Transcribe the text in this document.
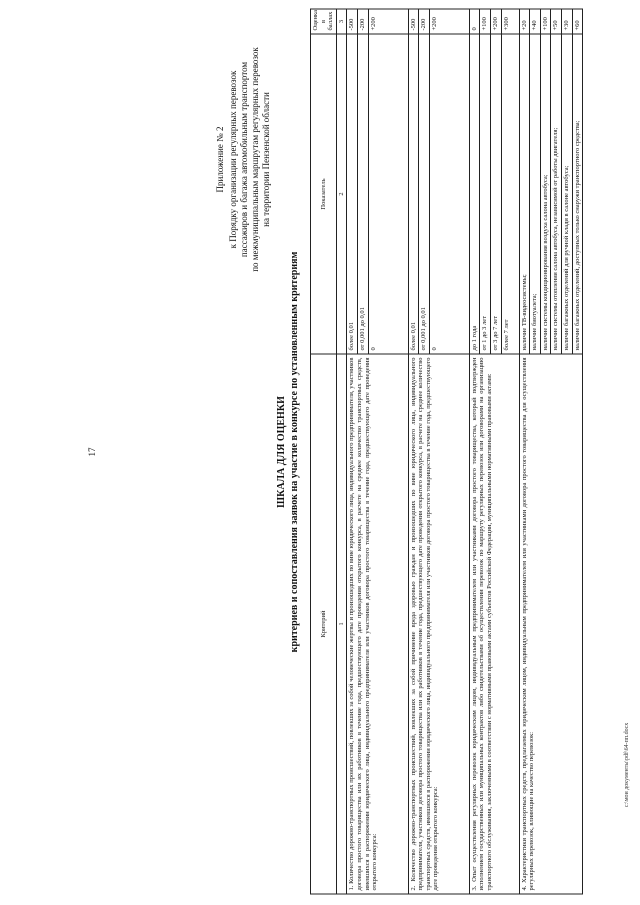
17
c:\мои документы\pdf\64-пп.docx
Приложение № 2 к Порядку организации регулярных перевозок пассажиров и багажа автомобильным транспортом по межмуниципальным маршрутам регулярных перевозок на территории Пензенской области
ШКАЛА ДЛЯ ОЦЕНКИ критериев и сопоставления заявок на участие в конкурсе по установленным критериям	Критерий	Показатель	Оценка в баллах
1	2	3
1. Количество дорожно-транспортных происшествий, повлекших за собой человеческие жертвы и произошедших по вине юридического лица, индивидуального предпринимателя, участников договора простого товарищества или их работников в течение года, предшествующего дате проведения открытого конкурса, в расчете на среднее количество транспортных средств, имевшихся в распоряжении юридического лица, индивидуального предпринимателя или участников договора простого товарищества в течение года, предшествующего дате проведения открытого конкурса:	более 0,01	-500
	от 0,001 до 0,01	-200
	0	+200
2. Количество дорожно-транспортных происшествий, повлекших за собой причинение вреда здоровью граждан и произошедших по вине юридического лица, индивидуального предпринимателя, участников договора простого товарищества или их работников в течение года, предшествующего дате проведения открытого конкурса, в расчете на среднее количество транспортных средств, имевшихся в распоряжении юридического лица, индивидуального предпринимателя или участников договора простого товарищества в течение года, предшествующего дате проведения открытого конкурса:	более 0,01	-500
	от 0,001 до 0,01	-200
	0	+200
3. Опыт осуществления регулярных перевозок юридическим лицом, индивидуальным предпринимателем или участниками договора простого товарищества, который подтвержден исполнением государственных или муниципальных контрактов либо свидетельствами об осуществлении перевозок по маршруту регулярных перевозок или договорами на организацию транспортного обслуживания, заключенными в соответствии с нормативными правовыми актами субъектов Российской Федерации, муниципальными нормативными правовыми актами:	до 1 года	0
	от 1 до 3 лет	+100
	от 3 до 7 лет	+200
	более 7 лет	+300
4. Характеристики транспортных средств, предлагаемых юридическим лицом, индивидуальным предпринимателем или участниками договора простого товарищества для осуществления регулярных перевозок, влияющие на качество перевозок:	наличие ТВ-видеосистемы;	+20
	наличие биотуалета;	+40
	наличие системы кондиционирования воздуха салона автобуса;	+100
	наличие системы отопления салона автобуса, независимой от работы двигателя;	+50
	наличие багажных отделений для ручной клади в салоне автобуса;	+30
	наличие багажных отделений, доступных только снаружи транспортного средства;	+60
